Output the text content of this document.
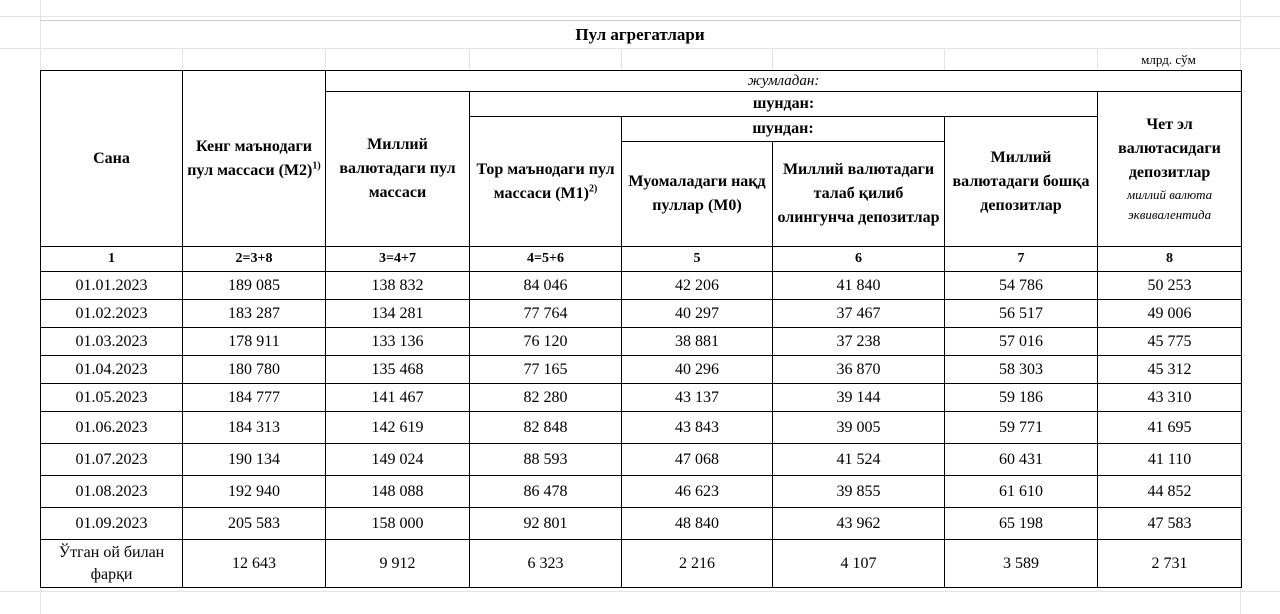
Пул агрегатлари
млрд. сўм
Сана	Кенг маънодаги пул массаси $(М2)^{1)}$	жумладан:					
		Миллий валютадаги пул массаси	шундан:				Чет эл валютасидаги депозитлар
миллий валюта эквивалентида

			Тор маънодаги пул массаси $(М1)^{2)}$	шундан:		Миллий валютадаги бошқа депозитлар	
				Муомаладаги нақд пуллар (М0)	Миллий валютадаги талаб қилиб олингунча депозитлар		

1	2=3+8	3=4+7	4=5+6	5	6	7	8
01.01.2023	189 085	138 832	84 046	42 206	41 840	54 786	50 253
01.02.2023	183 287	134 281	77 764	40 297	37 467	56 517	49 006
01.03.2023	178 911	133 136	76 120	38 881	37 238	57 016	45 775
01.04.2023	180 780	135 468	77 165	40 296	36 870	58 303	45 312
01.05.2023	184 777	141 467	82 280	43 137	39 144	59 186	43 310
01.06.2023	184 313	142 619	82 848	43 843	39 005	59 771	41 695
01.07.2023	190 134	149 024	88 593	47 068	41 524	60 431	41 110
01.08.2023	192 940	148 088	86 478	46 623	39 855	61 610	44 852
01.09.2023	205 583	158 000	92 801	48 840	43 962	65 198	47 583
Ўтган ой билан фарқи	12 643	9 912	6 323	2 216	4 107	3 589	2 731
